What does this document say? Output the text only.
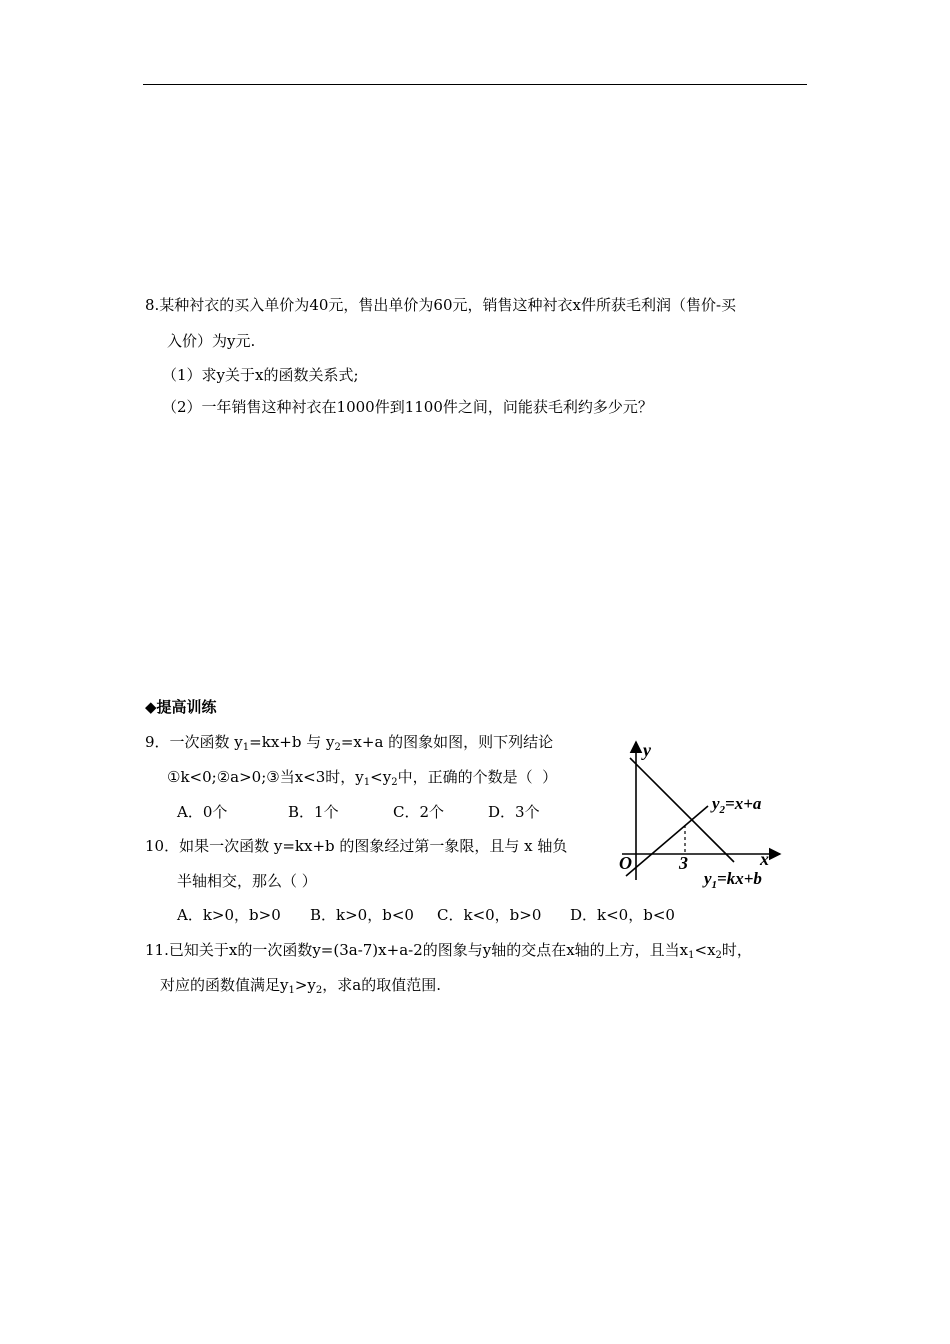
8.某种衬衣的买入单价为40元，售出单价为60元，销售这种衬衣x件所获毛利润（售价-买
入价）为y元.
（1）求y关于x的函数关系式;
（2）一年销售这种衬衣在1000件到1100件之间，问能获毛利约多少元？
◆提高训练
9．一次函数 $y_1=kx+b$ 与 $y_2=x+a$ 的图象如图，则下列结论
①k<0;②a>0;③当x<3时，$y_1<y_2$中，正确的个数是（  ）
A．0个	B．1个	C．2个	D．3个
10．如果一次函数 y=kx+b 的图象经过第一象限，且与 x 轴负
半轴相交，那么（ ）
A．k>0，b>0 B．k>0，b<0 C．k<0，b>0 D．k<0，b<0
11.已知关于x的一次函数y=(3a-7)x+a-2的图象与y轴的交点在x轴的上方，且当$x_1<x_2$时，
对应的函数值满足$y_1>y_2$，求a的取值范围.
y
x
O	3
$y_2=x+a$
$y_1=kx+b$
